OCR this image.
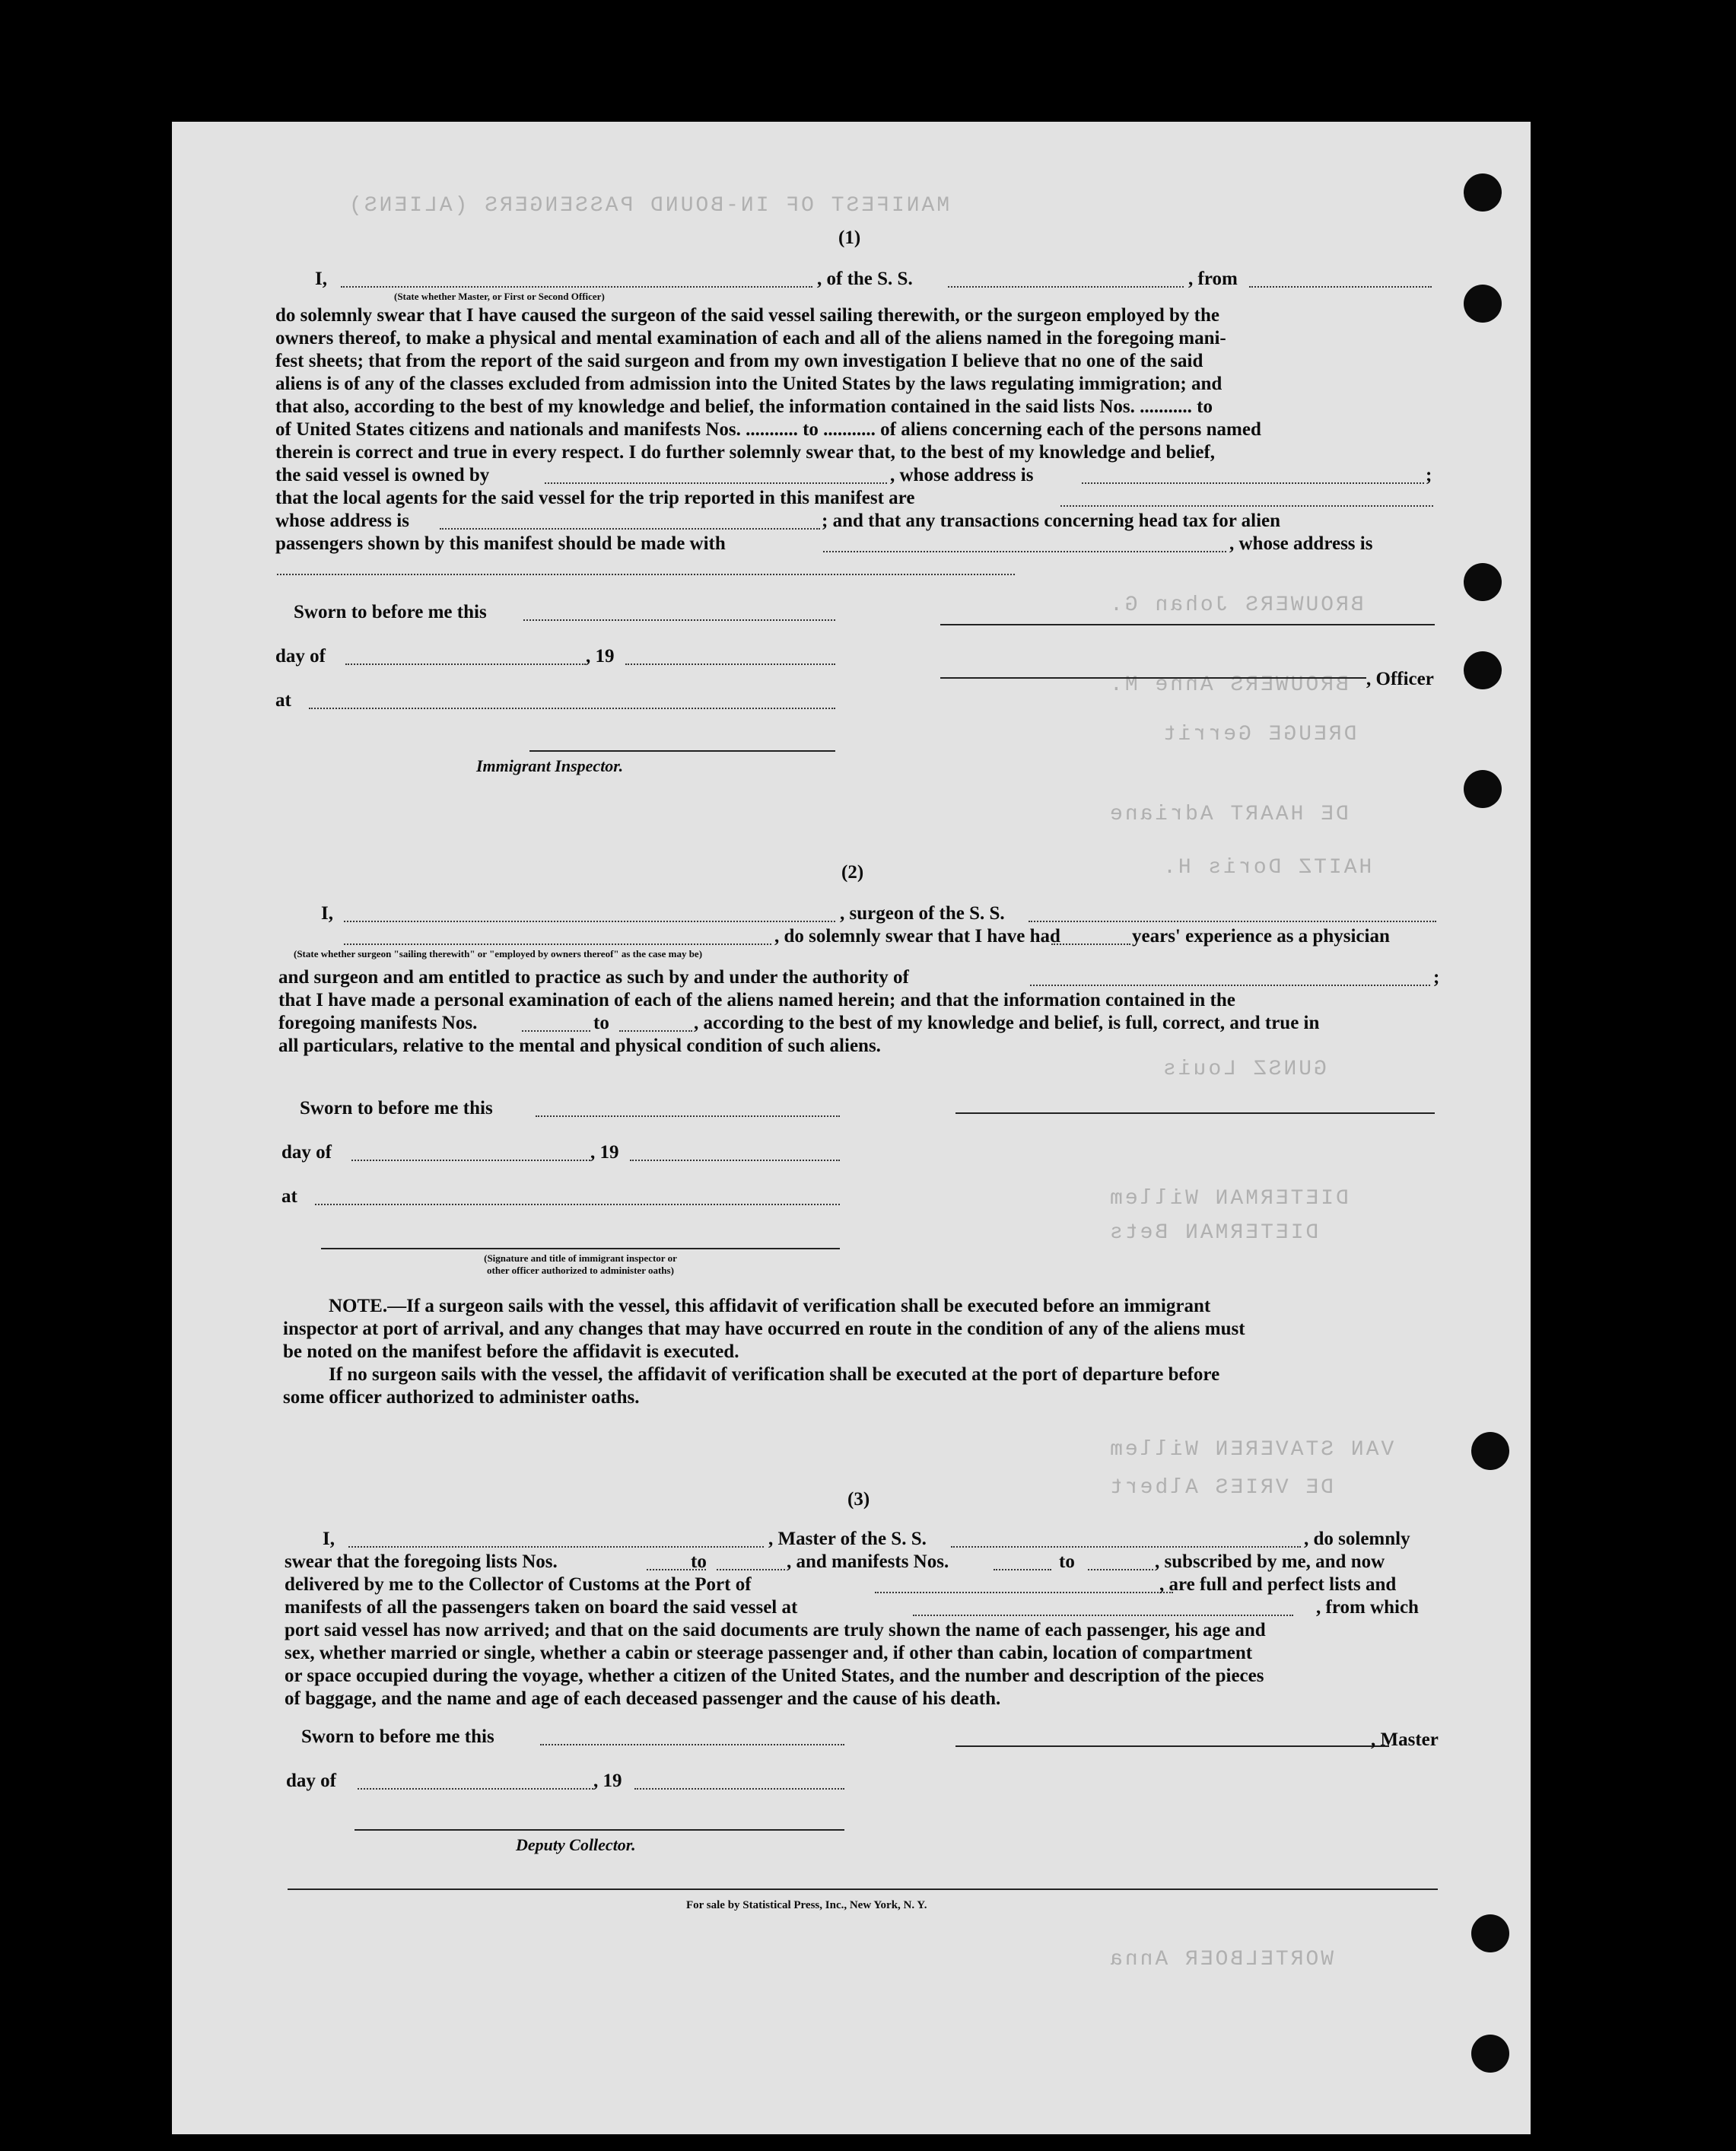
MANIFEST OF IN-BOUND PASSENGERS (ALIENS)
BROUWERS Johan G.
BROUWERS Anne M.
DREUGE Gerrit
DE HAART Adriane
HAITZ Doris H.
GUNSZ Louis
DIETERMAN Willem
DIETERMAN Bets
VAN STAVEREN Willem
DE VRIES Albert
WORTELBOER Anna
(1)
I,	, of the S. S.	, from
(State whether Master, or First or Second Officer)
do solemnly swear that I have caused the surgeon of the said vessel sailing therewith, or the surgeon employed by the
owners thereof, to make a physical and mental examination of each and all of the aliens named in the foregoing mani-
fest sheets; that from the report of the said surgeon and from my own investigation I believe that no one of the said
aliens is of any of the classes excluded from admission into the United States by the laws regulating immigration; and
that also, according to the best of my knowledge and belief, the information contained in the said lists Nos. ........... to
of United States citizens and nationals and manifests Nos. ........... to ........... of aliens concerning each of the persons named
therein is correct and true in every respect. I do further solemnly swear that, to the best of my knowledge and belief,
the said vessel is owned by	, whose address is	;
that the local agents for the said vessel for the trip reported in this manifest are
whose address is	; and that any transactions concerning head tax for alien
passengers shown by this manifest should be made with	, whose address is
Sworn to before me this
day of	, 19
, Officer
at
Immigrant Inspector.
(2)
I,	, surgeon of the S. S.
, do solemnly swear that I have had	years' experience as a physician
(State whether surgeon "sailing therewith" or "employed by owners thereof" as the case may be)
and surgeon and am entitled to practice as such by and under the authority of	;
that I have made a personal examination of each of the aliens named herein; and that the information contained in the
foregoing manifests Nos.	to	, according to the best of my knowledge and belief, is full, correct, and true in
all particulars, relative to the mental and physical condition of such aliens.
Sworn to before me this
day of	, 19
at
(Signature and title of immigrant inspector or
other officer authorized to administer oaths)
NOTE.—If a surgeon sails with the vessel, this affidavit of verification shall be executed before an immigrant
inspector at port of arrival, and any changes that may have occurred en route in the condition of any of the aliens must
be noted on the manifest before the affidavit is executed.
If no surgeon sails with the vessel, the affidavit of verification shall be executed at the port of departure before
some officer authorized to administer oaths.
(3)
I,	, Master of the S. S.	, do solemnly
swear that the foregoing lists Nos.	to	, and manifests Nos.	to	, subscribed by me, and now
delivered by me to the Collector of Customs at the Port of	, are full and perfect lists and
manifests of all the passengers taken on board the said vessel at	, from which
port said vessel has now arrived; and that on the said documents are truly shown the name of each passenger, his age and
sex, whether married or single, whether a cabin or steerage passenger and, if other than cabin, location of compartment
or space occupied during the voyage, whether a citizen of the United States, and the number and description of the pieces
of baggage, and the name and age of each deceased passenger and the cause of his death.
Sworn to before me this	, Master
day of	, 19
Deputy Collector.
For sale by Statistical Press, Inc., New York, N. Y.
